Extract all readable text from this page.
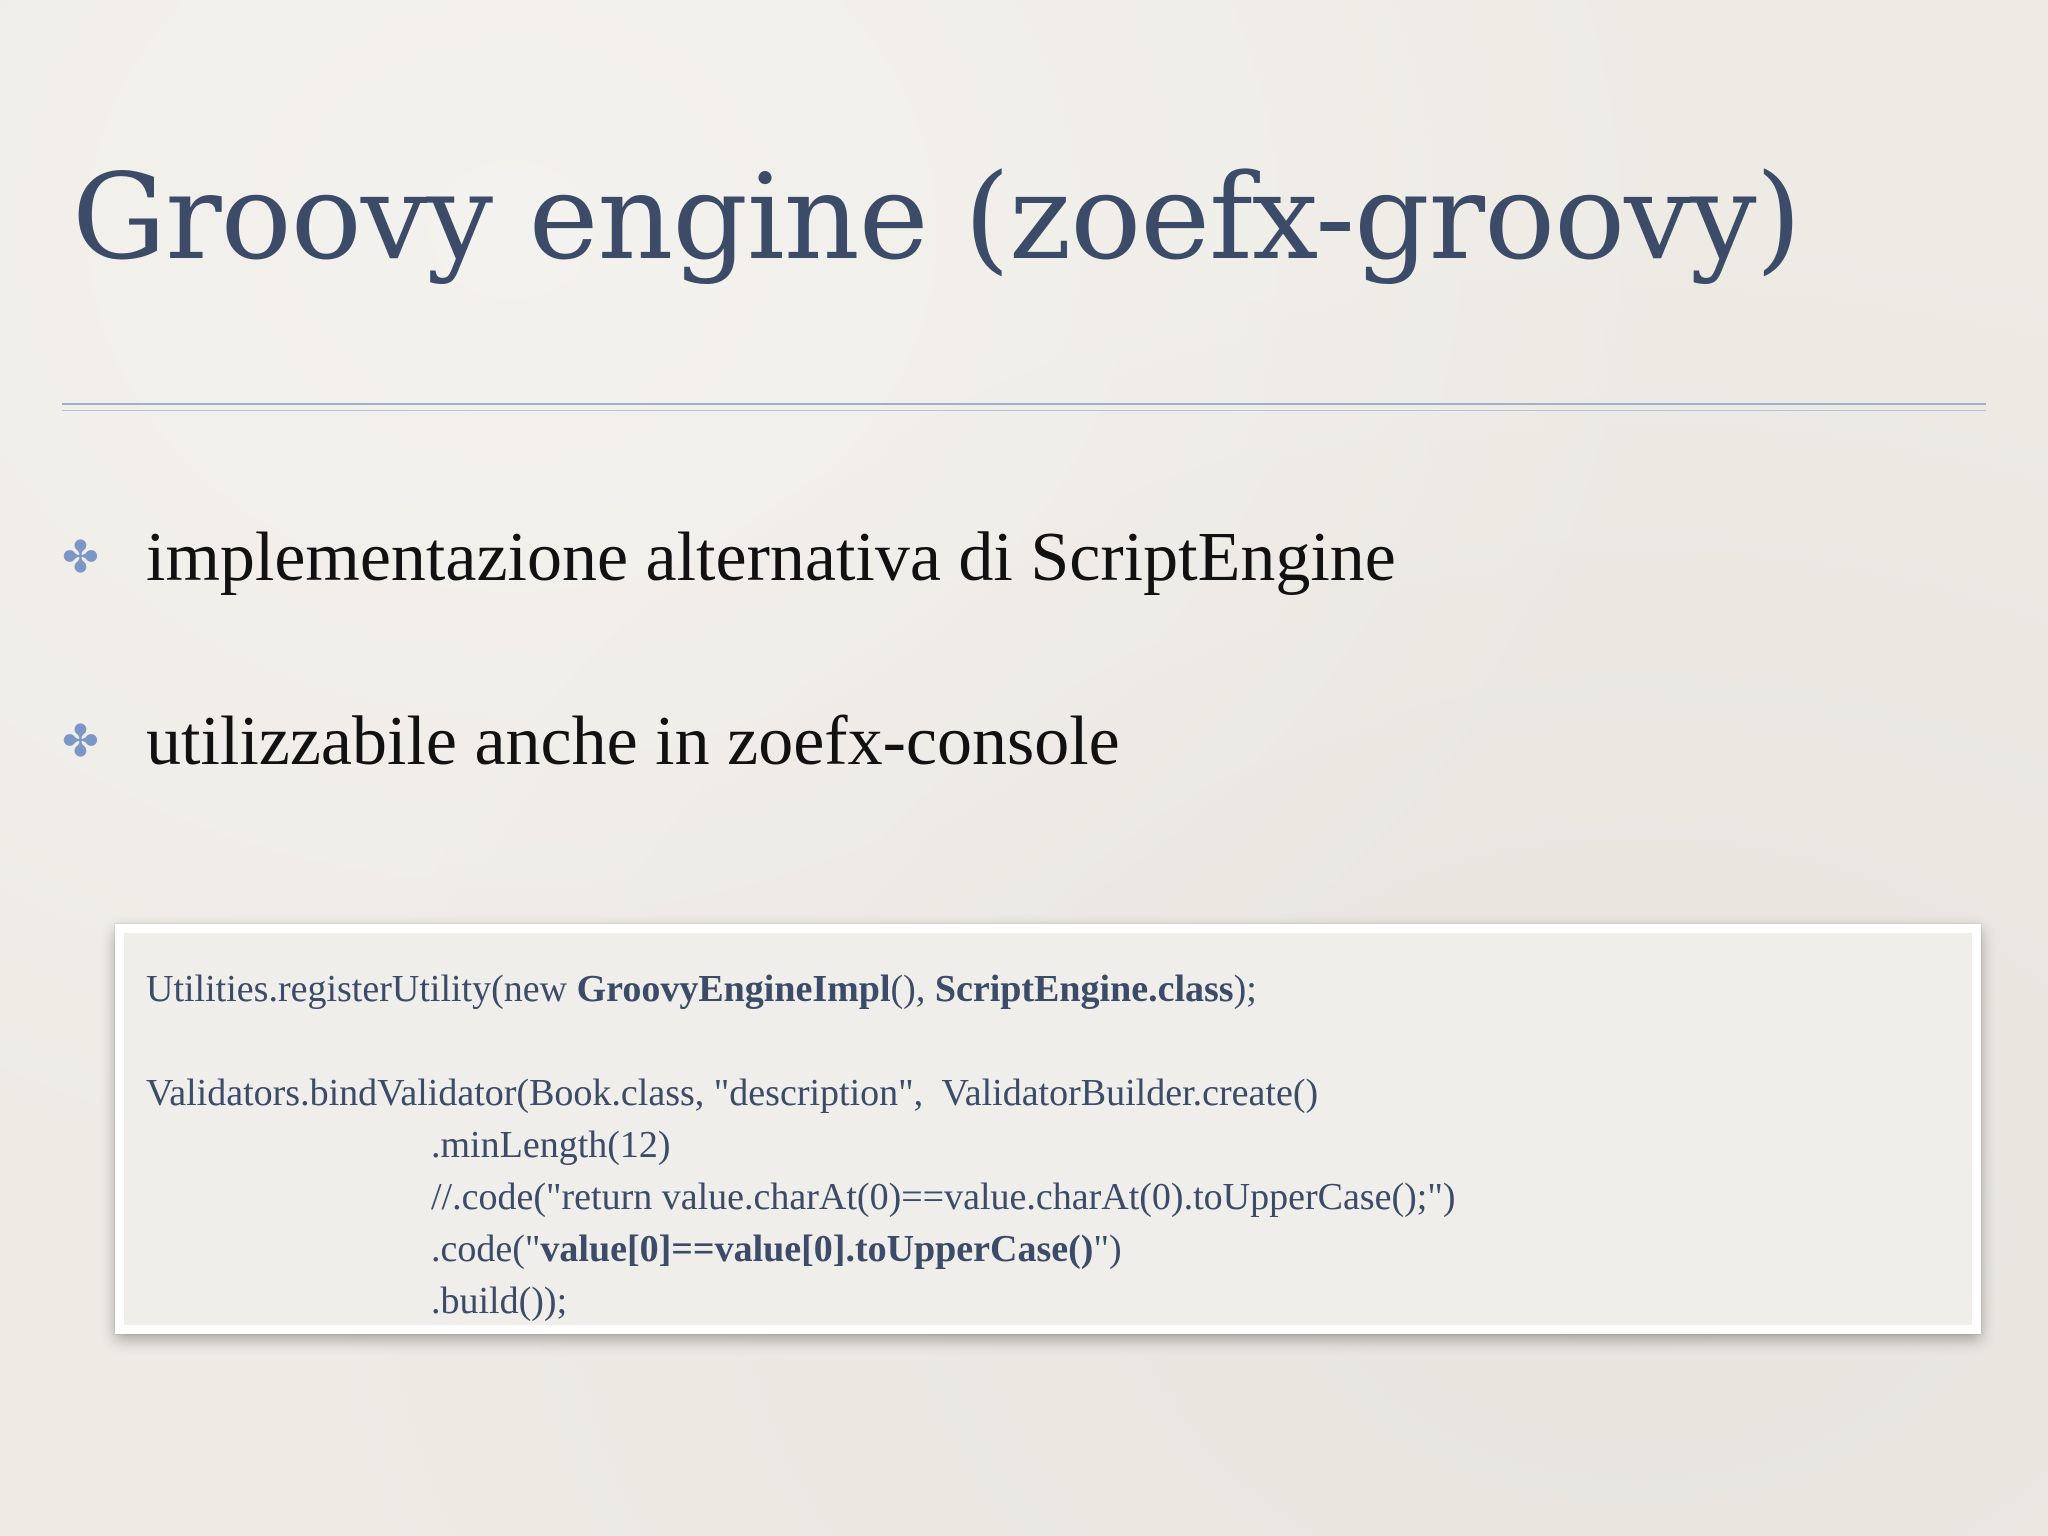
Groovy engine (zoefx-groovy)
✤ implementazione alternativa di ScriptEngine
✤ utilizzabile anche in zoefx-console
Utilities.registerUtility(new GroovyEngineImpl(), ScriptEngine.class);
Validators.bindValidator(Book.class, "description",  ValidatorBuilder.create()
.minLength(12)
//.code("return value.charAt(0)==value.charAt(0).toUpperCase();")
.code("value[0]==value[0].toUpperCase()")
.build());
